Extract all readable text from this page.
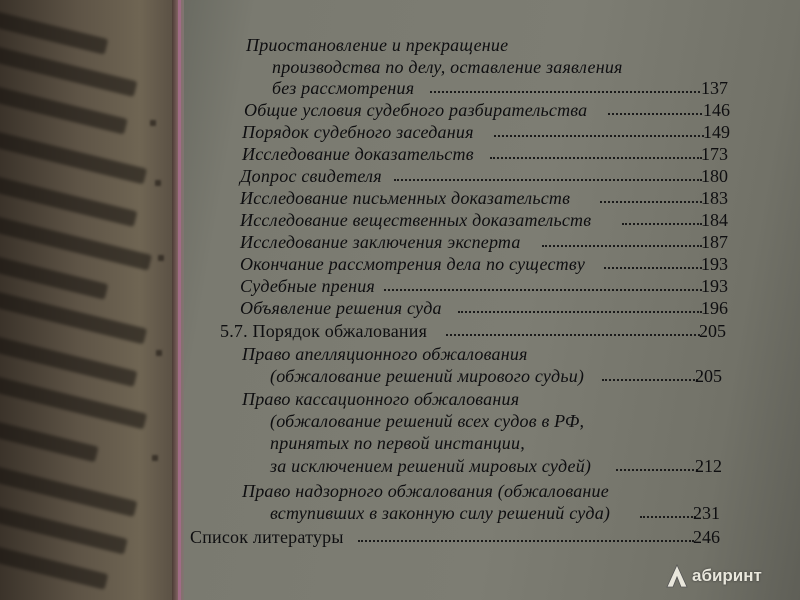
Приостановление и прекращение
производства по делу, оставление заявления
без рассмотрения	137
Общие условия судебного разбирательства	146
Порядок судебного заседания	149
Исследование доказательств	173
Допрос свидетеля	180
Исследование письменных доказательств	183
Исследование вещественных доказательств	184
Исследование заключения эксперта	187
Окончание рассмотрения дела по существу	193
Судебные прения	193
Объявление решения суда	196
5.7. Порядок обжалования	205
Право апелляционного обжалования
(обжалование решений мирового судьи)	205
Право кассационного обжалования
(обжалование решений всех судов в РФ,
принятых по первой инстанции,
за исключением решений мировых судей)	212
Право надзорного обжалования (обжалование
вступивших в законную силу решений суда)	231
Список литературы	246
абиринт
